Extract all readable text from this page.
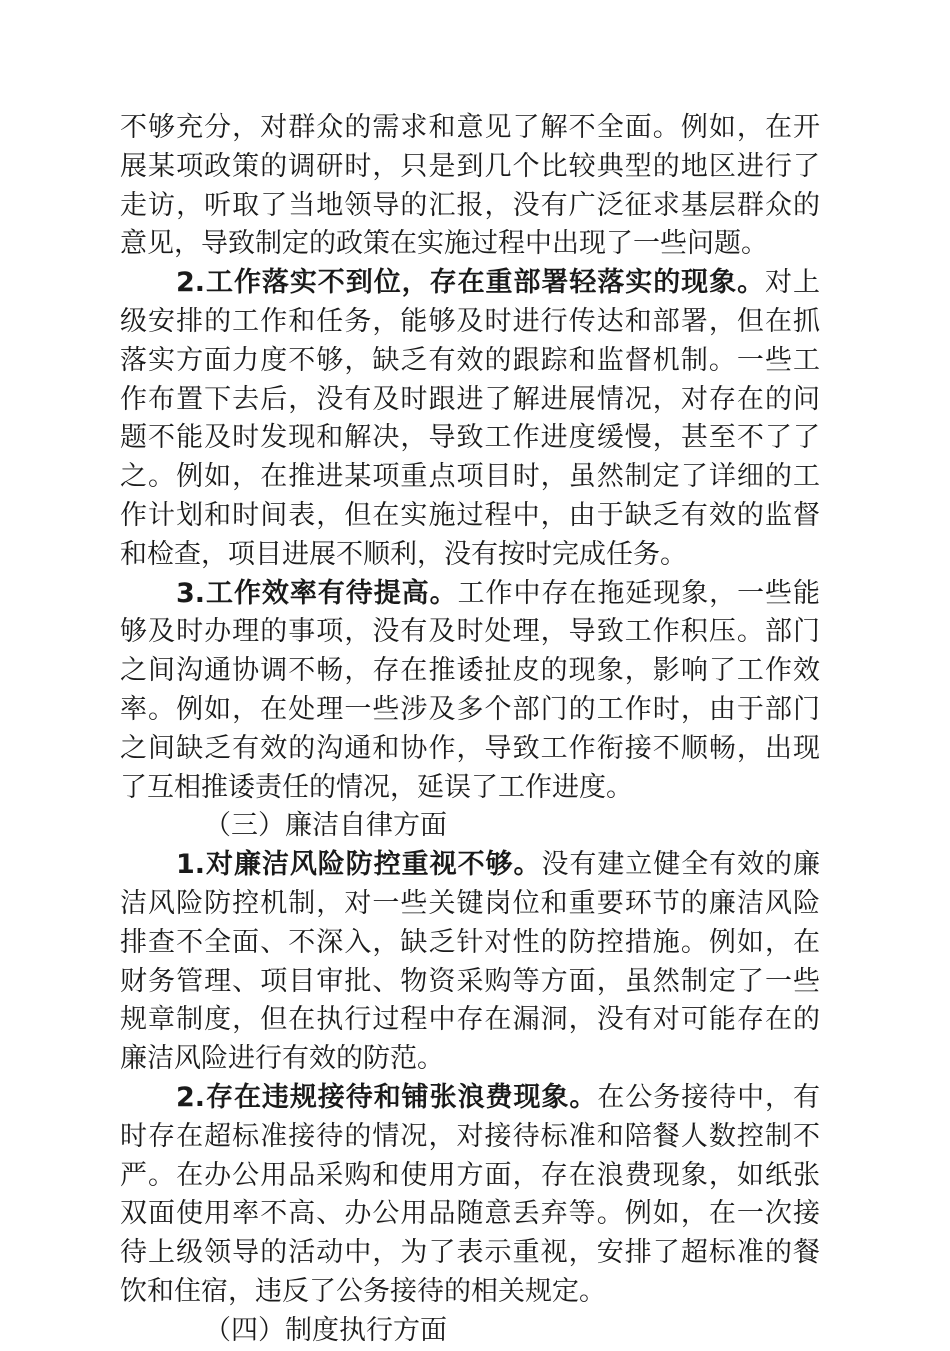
不够充分，对群众的需求和意见了解不全面。例如，在开
展某项政策的调研时，只是到几个比较典型的地区进行了
走访，听取了当地领导的汇报，没有广泛征求基层群众的
意见，导致制定的政策在实施过程中出现了一些问题。
2.工作落实不到位，存在重部署轻落实的现象。对上
级安排的工作和任务，能够及时进行传达和部署，但在抓
落实方面力度不够，缺乏有效的跟踪和监督机制。一些工
作布置下去后，没有及时跟进了解进展情况，对存在的问
题不能及时发现和解决，导致工作进度缓慢，甚至不了了
之。例如，在推进某项重点项目时，虽然制定了详细的工
作计划和时间表，但在实施过程中，由于缺乏有效的监督
和检查，项目进展不顺利，没有按时完成任务。
3.工作效率有待提高。工作中存在拖延现象，一些能
够及时办理的事项，没有及时处理，导致工作积压。部门
之间沟通协调不畅，存在推诿扯皮的现象，影响了工作效
率。例如，在处理一些涉及多个部门的工作时，由于部门
之间缺乏有效的沟通和协作，导致工作衔接不顺畅，出现
了互相推诿责任的情况，延误了工作进度。
（三）廉洁自律方面
1.对廉洁风险防控重视不够。没有建立健全有效的廉
洁风险防控机制，对一些关键岗位和重要环节的廉洁风险
排查不全面、不深入，缺乏针对性的防控措施。例如，在
财务管理、项目审批、物资采购等方面，虽然制定了一些
规章制度，但在执行过程中存在漏洞，没有对可能存在的
廉洁风险进行有效的防范。
2.存在违规接待和铺张浪费现象。在公务接待中，有
时存在超标准接待的情况，对接待标准和陪餐人数控制不
严。在办公用品采购和使用方面，存在浪费现象，如纸张
双面使用率不高、办公用品随意丢弃等。例如，在一次接
待上级领导的活动中，为了表示重视，安排了超标准的餐
饮和住宿，违反了公务接待的相关规定。
（四）制度执行方面
